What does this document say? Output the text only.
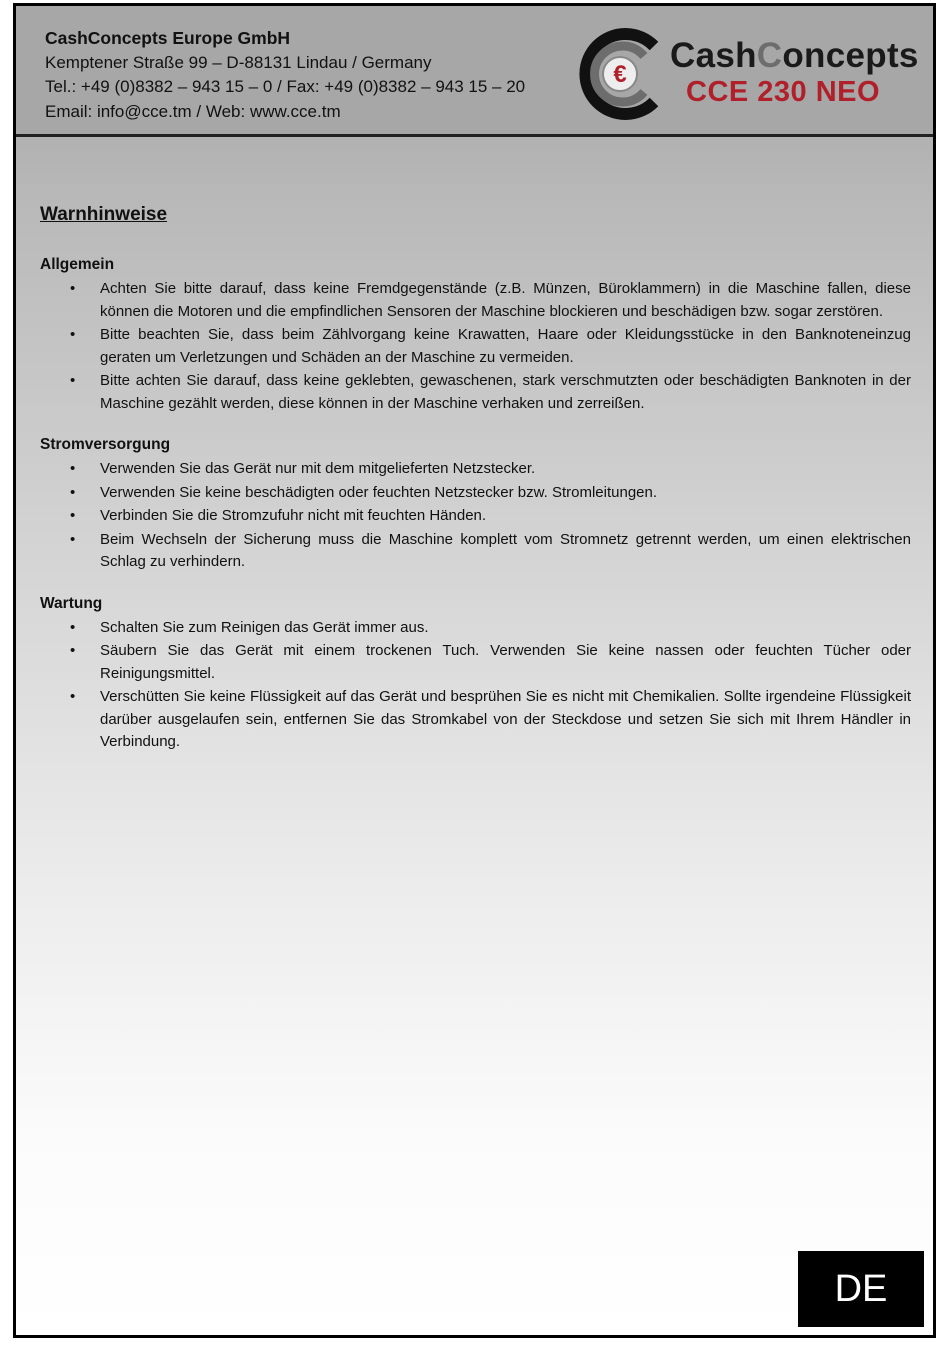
CashConcepts Europe GmbH
Kemptener Straße 99 – D-88131 Lindau / Germany
Tel.: +49 (0)8382 – 943 15 – 0 / Fax: +49 (0)8382 – 943 15 – 20
Email: info@cce.tm / Web: www.cce.tm
€ CashConcepts
CCE 230 NEO
Warnhinweise
Allgemein
• Achten Sie bitte darauf, dass keine Fremdgegenstände (z.B. Münzen, Büroklammern) in die Maschine fallen, diese können die Motoren und die empfindlichen Sensoren der Maschine blockieren und beschädigen bzw. sogar zerstören.
• Bitte beachten Sie, dass beim Zählvorgang keine Krawatten, Haare oder Kleidungsstücke in den Banknoteneinzug geraten um Verletzungen und Schäden an der Maschine zu vermeiden.
• Bitte achten Sie darauf, dass keine geklebten, gewaschenen, stark verschmutzten oder beschädigten Banknoten in der Maschine gezählt werden, diese können in der Maschine verhaken und zerreißen.
Stromversorgung
• Verwenden Sie das Gerät nur mit dem mitgelieferten Netzstecker.
• Verwenden Sie keine beschädigten oder feuchten Netzstecker bzw. Stromleitungen.
• Verbinden Sie die Stromzufuhr nicht mit feuchten Händen.
• Beim Wechseln der Sicherung muss die Maschine komplett vom Stromnetz getrennt werden, um einen elektrischen Schlag zu verhindern.
Wartung
• Schalten Sie zum Reinigen das Gerät immer aus.
• Säubern Sie das Gerät mit einem trockenen Tuch. Verwenden Sie keine nassen oder feuchten Tücher oder Reinigungsmittel.
• Verschütten Sie keine Flüssigkeit auf das Gerät und besprühen Sie es nicht mit Chemikalien. Sollte irgendeine Flüssigkeit darüber ausgelaufen sein, entfernen Sie das Stromkabel von der Steckdose und setzen Sie sich mit Ihrem Händler in Verbindung.
DE
